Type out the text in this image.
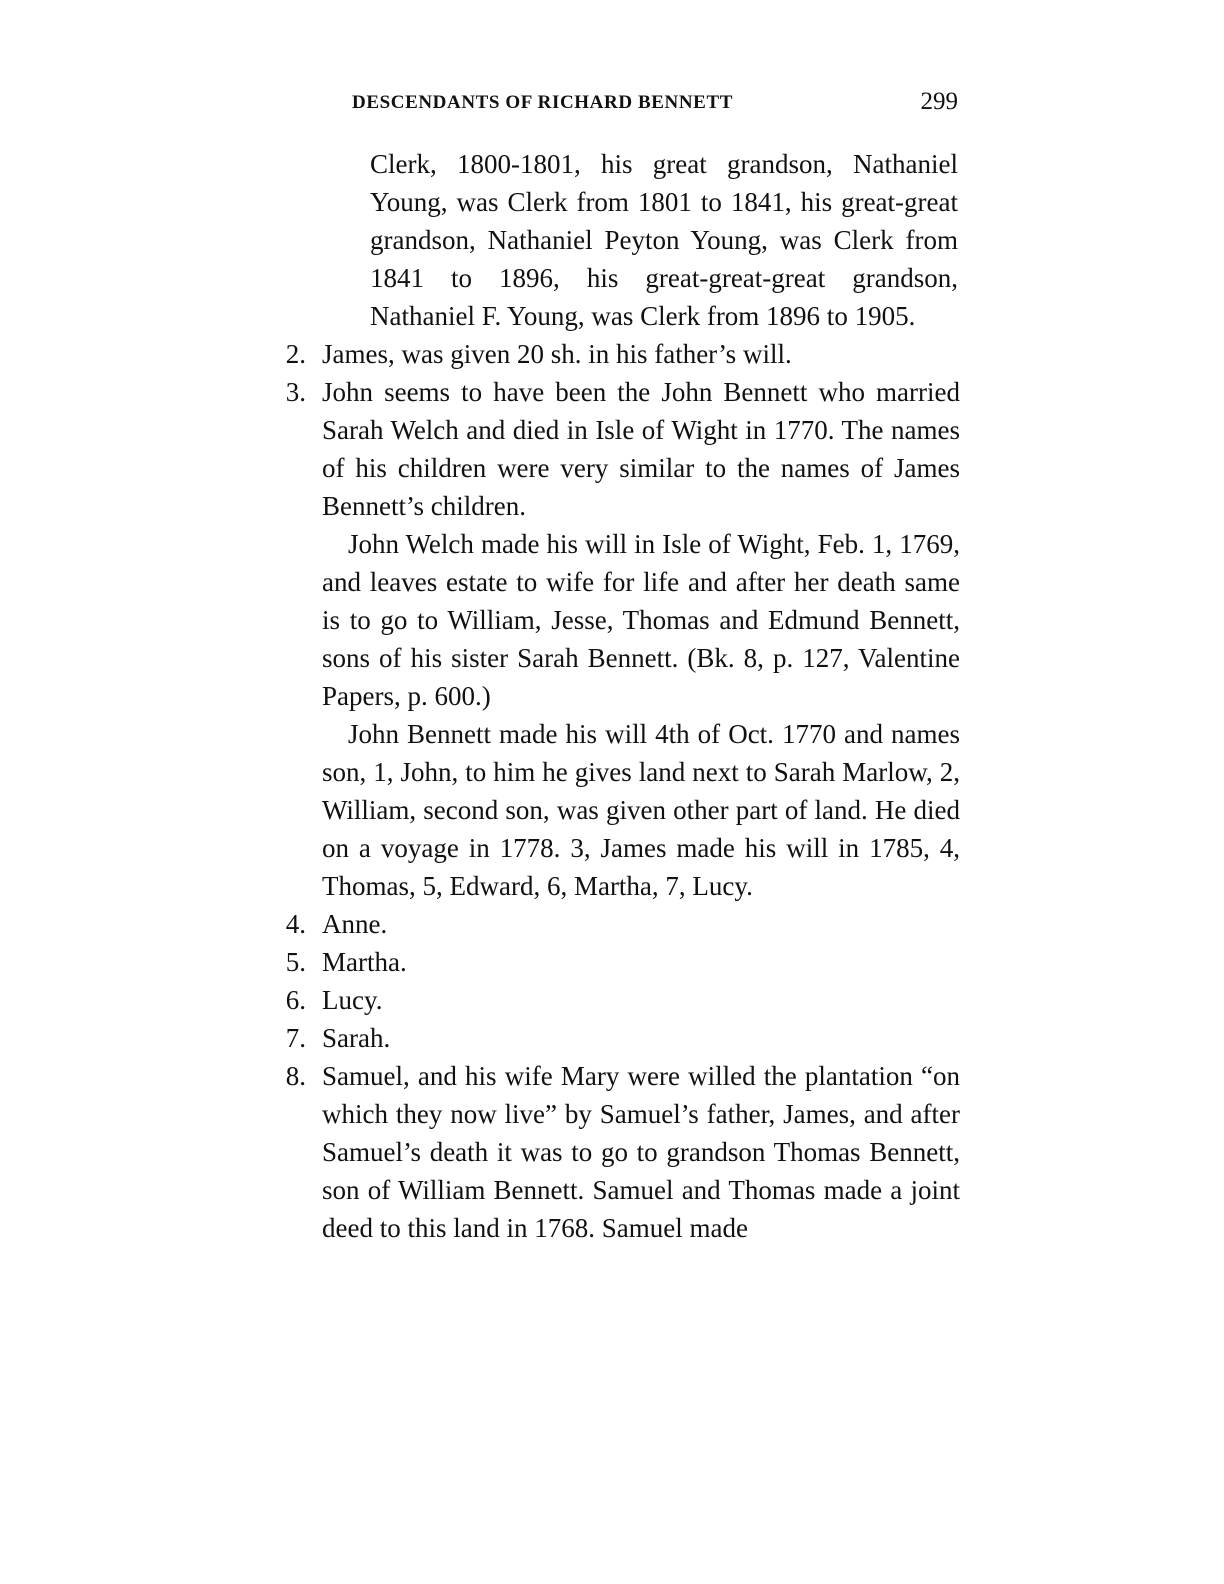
DESCENDANTS OF RICHARD BENNETT	299

Clerk, 1800-1801, his great grandson, Nathaniel Young, was Clerk from 1801 to 1841, his great-great grandson, Nathaniel Peyton Young, was Clerk from 1841 to 1896, his great-great-great grandson, Nathaniel F. Young, was Clerk from 1896 to 1905.

2. James, was given 20 sh. in his father’s will.

3. John seems to have been the John Bennett who married Sarah Welch and died in Isle of Wight in 1770. The names of his children were very similar to the names of James Bennett’s children.

John Welch made his will in Isle of Wight, Feb. 1, 1769, and leaves estate to wife for life and after her death same is to go to William, Jesse, Thomas and Edmund Bennett, sons of his sister Sarah Bennett. (Bk. 8, p. 127, Valentine Papers, p. 600.)

John Bennett made his will 4th of Oct. 1770 and names son, 1, John, to him he gives land next to Sarah Marlow, 2, William, second son, was given other part of land. He died on a voyage in 1778. 3, James made his will in 1785, 4, Thomas, 5, Edward, 6, Martha, 7, Lucy.

4. Anne.

5. Martha.

6. Lucy.

7. Sarah.

8. Samuel, and his wife Mary were willed the plantation “on which they now live” by Samuel’s father, James, and after Samuel’s death it was to go to grandson Thomas Bennett, son of William Bennett. Samuel and Thomas made a joint deed to this land in 1768. Samuel made
